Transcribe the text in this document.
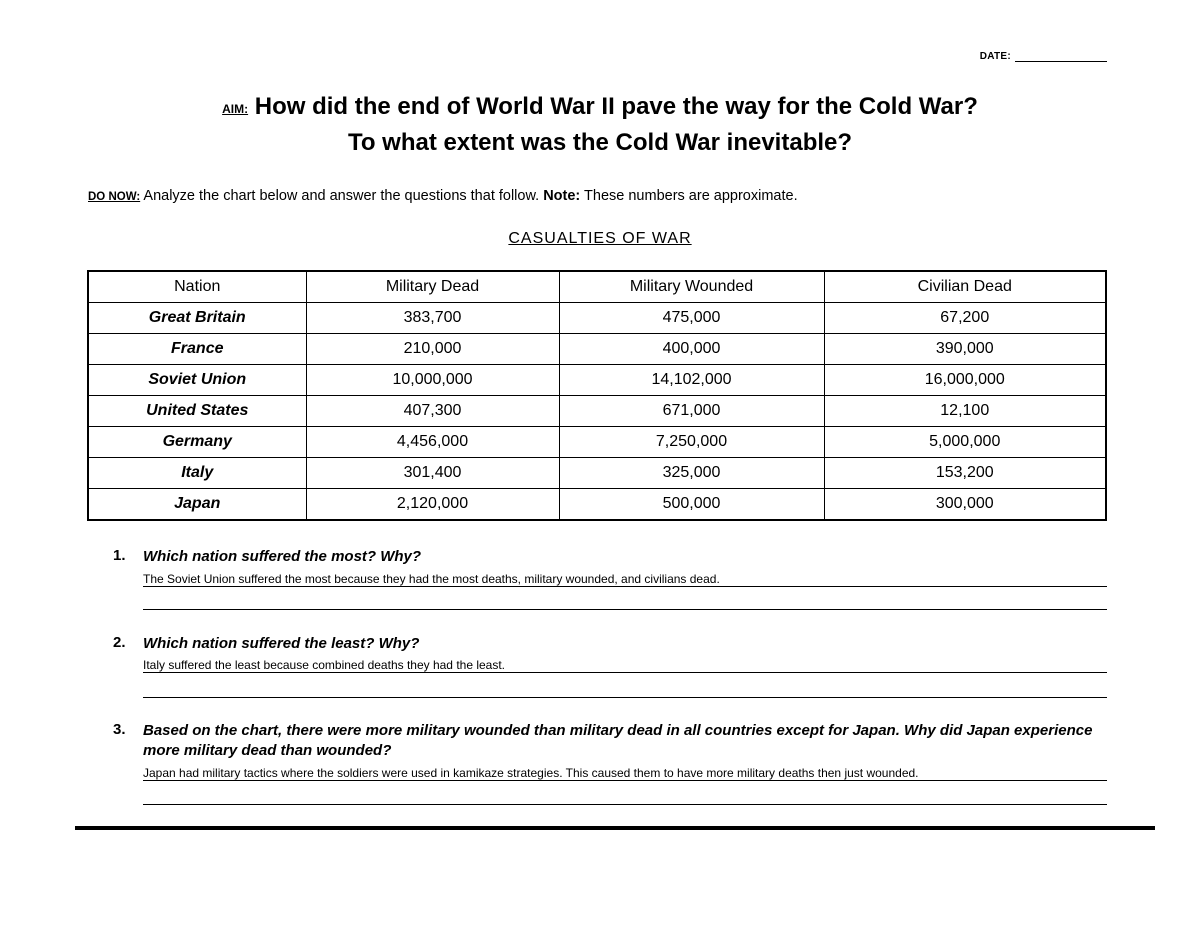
DATE:
AIM: How did the end of World War II pave the way for the Cold War?
To what extent was the Cold War inevitable?
DO NOW: Analyze the chart below and answer the questions that follow. Note: These numbers are approximate.
CASUALTIES OF WAR
Nation	Military Dead	Military Wounded	Civilian Dead
Great Britain	383,700	475,000	67,200
France	210,000	400,000	390,000
Soviet Union	10,000,000	14,102,000	16,000,000
United States	407,300	671,000	12,100
Germany	4,456,000	7,250,000	5,000,000
Italy	301,400	325,000	153,200
Japan	2,120,000	500,000	300,000
1. Which nation suffered the most? Why?
The Soviet Union suffered the most because they had the most deaths, military wounded, and civilians dead.
2. Which nation suffered the least? Why?
Italy suffered the least because combined deaths they had the least.
3. Based on the chart, there were more military wounded than military dead in all countries except for Japan. Why did Japan experience more military dead than wounded?
Japan had military tactics where the soldiers were used in kamikaze strategies. This caused them to have more military deaths then just wounded.
